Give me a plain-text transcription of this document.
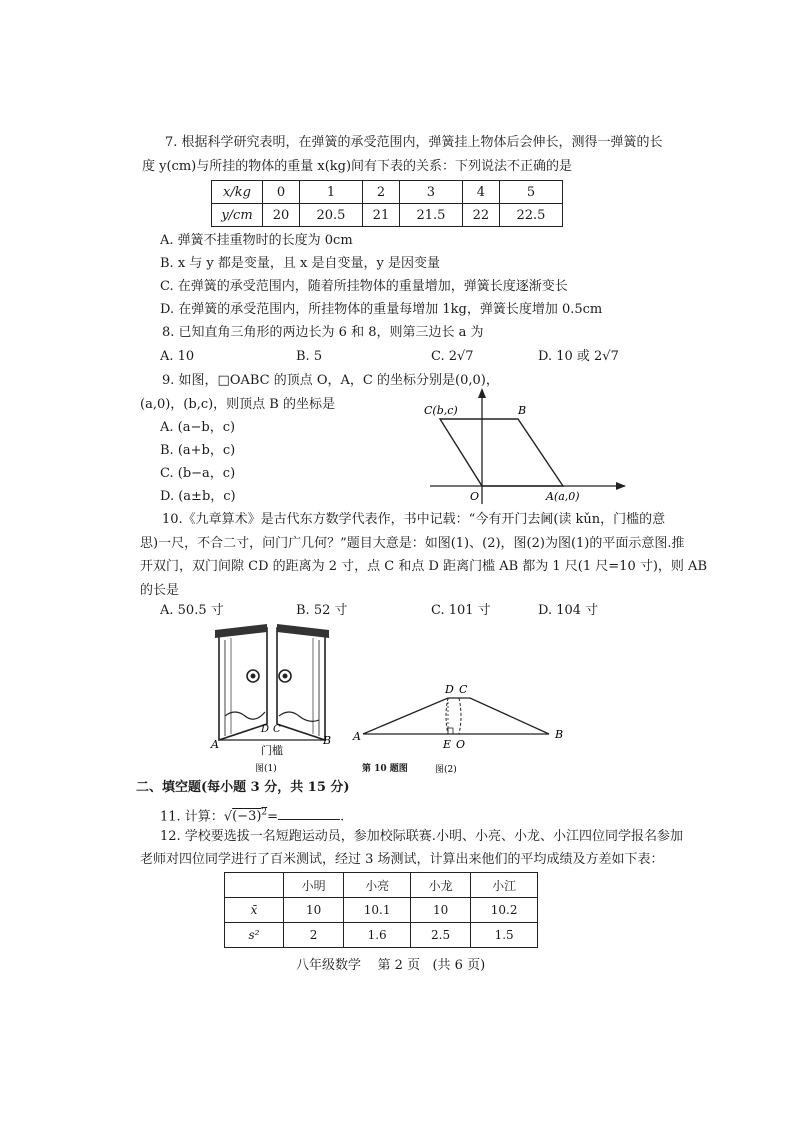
7. 根据科学研究表明，在弹簧的承受范围内，弹簧挂上物体后会伸长，测得一弹簧的长
度 y(cm)与所挂的物体的重量 x(kg)间有下表的关系：下列说法不正确的是
x/kg	0	1	2	3	4	5
y/cm	20	20.5	21	21.5	22	22.5
A. 弹簧不挂重物时的长度为 0cm
B. x 与 y 都是变量，且 x 是自变量，y 是因变量
C. 在弹簧的承受范围内，随着所挂物体的重量增加，弹簧长度逐渐变长
D. 在弹簧的承受范围内，所挂物体的重量每增加 1kg，弹簧长度增加 0.5cm
8. 已知直角三角形的两边长为 6 和 8，则第三边长 a 为
A. 10	B. 5	C. 2√7	D. 10 或 2√7
9. 如图，□OABC 的顶点 O，A，C 的坐标分别是(0,0)，
(a,0)，(b,c)，则顶点 B 的坐标是
A. (a−b，c)
B. (a+b，c)
C. (b−a，c)
D. (a±b，c)
C(b,c)	B
O	A(a,0)
10.《九章算术》是古代东方数学代表作，书中记载：“今有开门去阃(读 kǔn，门槛的意
思)一尺，不合二寸，问门广几何？”题目大意是：如图(1)、(2)，图(2)为图(1)的平面示意图.推
开双门，双门间隙 CD 的距离为 2 寸，点 C 和点 D 距离门槛 AB 都为 1 尺(1 尺=10 寸)，则 AB
的长是
A. 50.5 寸	B. 52 寸	C. 101 寸	D. 104 寸
A	B
D C
门槛
图(1)	第 10 题图
D C
A	B
E O
图(2)
二、填空题(每小题 3 分，共 15 分)
11. 计算：$√(-3)^2=$	.
12. 学校要选拔一名短跑运动员，参加校际联赛.小明、小亮、小龙、小江四位同学报名参加
老师对四位同学进行了百米测试，经过 3 场测试，计算出来他们的平均成绩及方差如下表：
	小明	小亮	小龙	小江
x̄	10	10.1	10	10.2
s²	2	1.6	2.5	1.5
八年级数学    第 2 页   (共 6 页)
